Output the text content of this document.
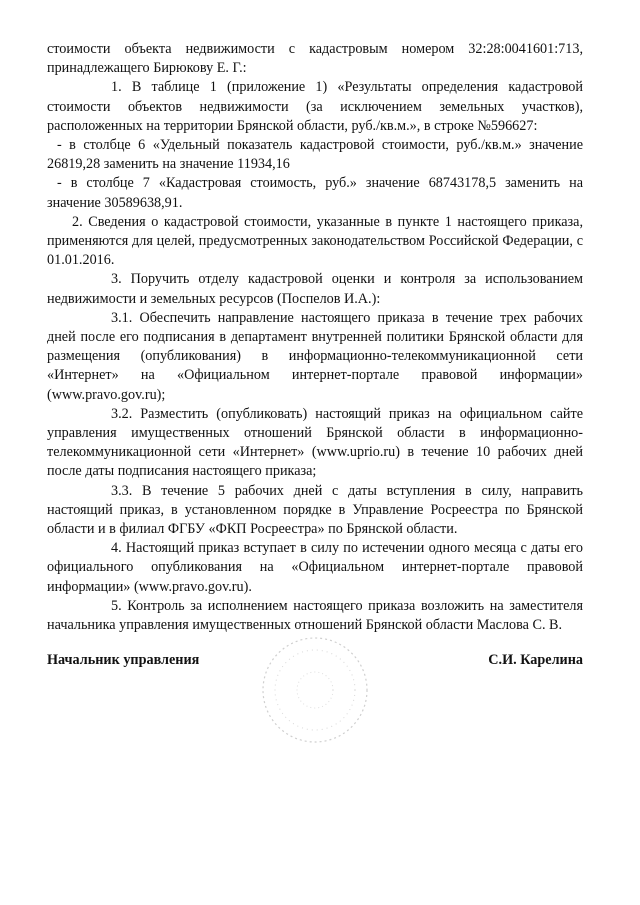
стоимости объекта недвижимости с кадастровым номером 32:28:0041601:713, принадлежащего Бирюкову Е. Г.:

1. В таблице 1 (приложение 1) «Результаты определения кадастровой стоимости объектов недвижимости (за исключением земельных участков), расположенных на территории Брянской области, руб./кв.м.», в строке №596627:

- в столбце 6 «Удельный показатель кадастровой стоимости, руб./кв.м.» значение 26819,28 заменить на значение 11934,16

- в столбце 7 «Кадастровая стоимость, руб.» значение 68743178,5 заменить на значение 30589638,91.

2. Сведения о кадастровой стоимости, указанные в пункте 1 настоящего приказа, применяются для целей, предусмотренных законодательством Российской Федерации, с 01.01.2016.

3. Поручить отделу кадастровой оценки и контроля за использованием недвижимости и земельных ресурсов (Поспелов И.А.):

3.1. Обеспечить направление настоящего приказа в течение трех рабочих дней после его подписания в департамент внутренней политики Брянской области для размещения (опубликования) в информационно-телекоммуникационной сети «Интернет» на «Официальном интернет-портале правовой информации» (www.pravo.gov.ru);

3.2. Разместить (опубликовать) настоящий приказ на официальном сайте управления имущественных отношений Брянской области в информационно-телекоммуникационной сети «Интернет» (www.uprio.ru) в течение 10 рабочих дней после даты подписания настоящего приказа;

3.3. В течение 5 рабочих дней с даты вступления в силу, направить настоящий приказ, в установленном порядке в Управление Росреестра по Брянской области и в филиал ФГБУ «ФКП Росреестра» по Брянской области.

4. Настоящий приказ вступает в силу по истечении одного месяца с даты его официального опубликования на «Официальном интернет-портале правовой информации» (www.pravo.gov.ru).

5. Контроль за исполнением настоящего приказа возложить на заместителя начальника управления имущественных отношений Брянской области Маслова С. В.

Начальник управления	С.И. Карелина
